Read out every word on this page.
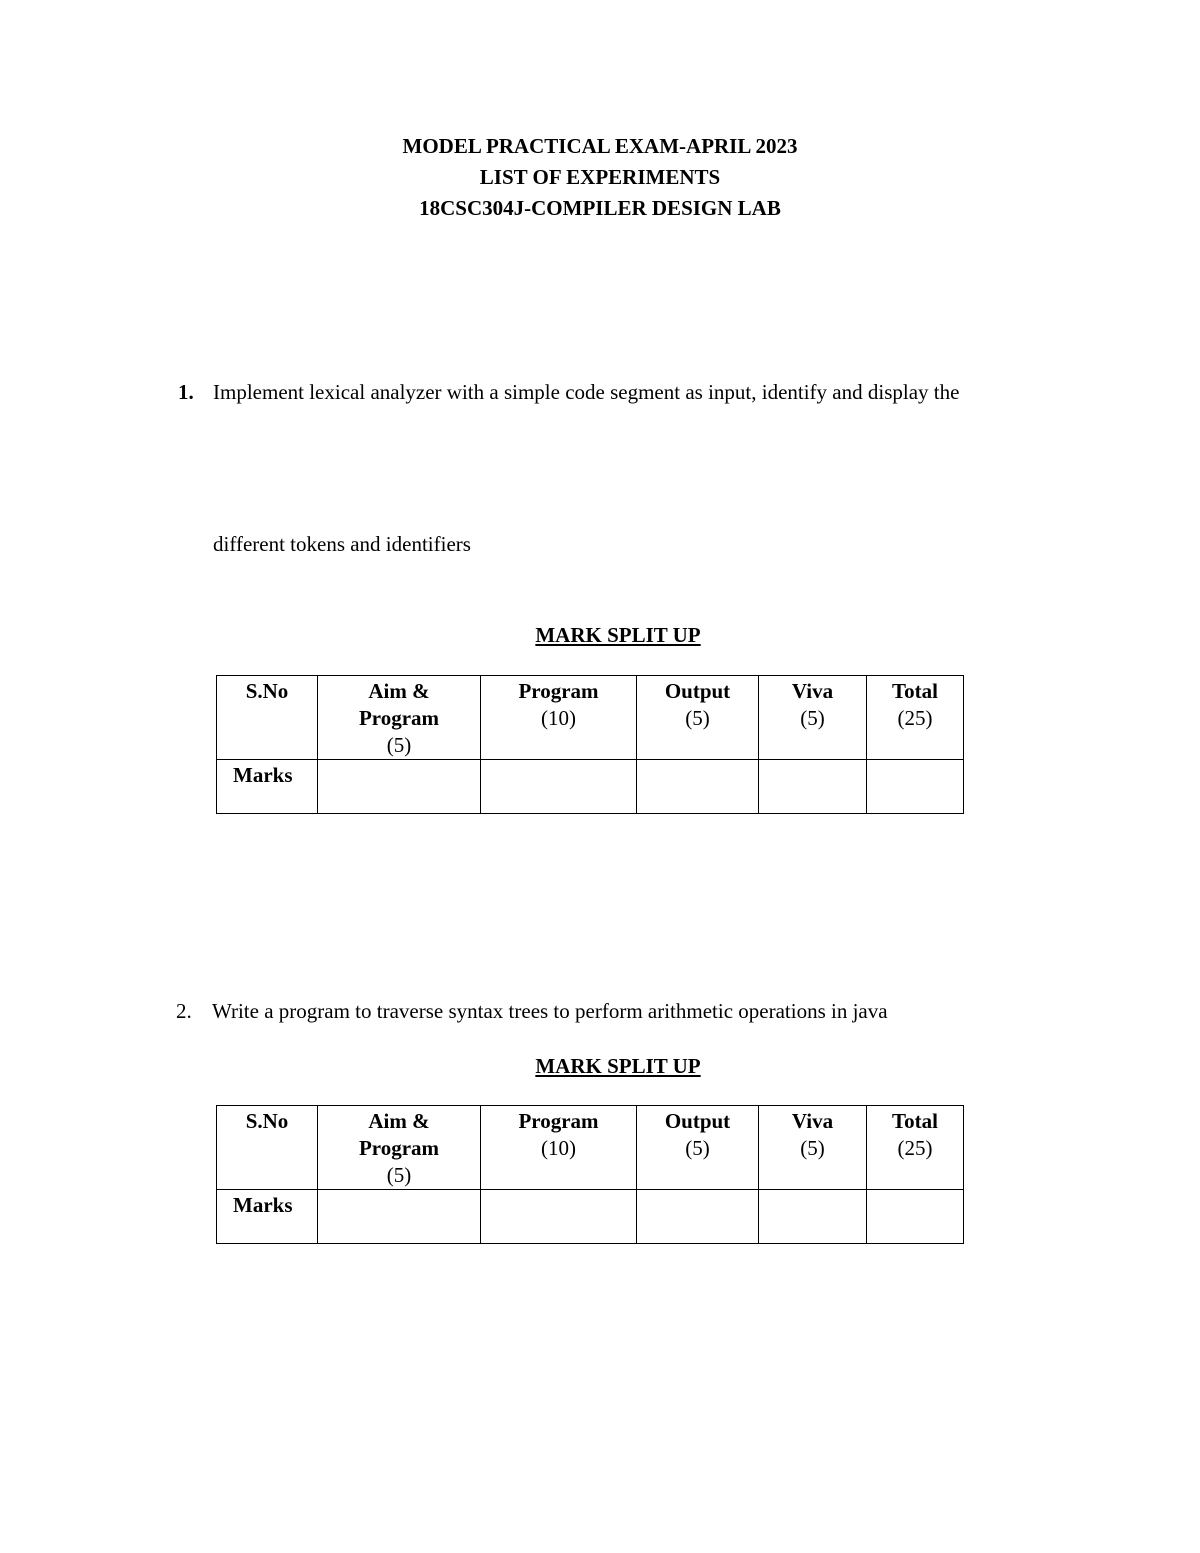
MODEL PRACTICAL EXAM-APRIL 2023
LIST OF EXPERIMENTS
18CSC304J-COMPILER DESIGN LAB
1. Implement lexical analyzer with a simple code segment as input, identify and display the
different tokens and identifiers
MARK SPLIT UP
S.No	Aim &
Program
(5)	Program
(10)	Output
(5)	Viva
(5)	Total
(25)

Marks					
2. Write a program to traverse syntax trees to perform arithmetic operations in java
MARK SPLIT UP
S.No	Aim &
Program
(5)	Program
(10)	Output
(5)	Viva
(5)	Total
(25)

Marks					
